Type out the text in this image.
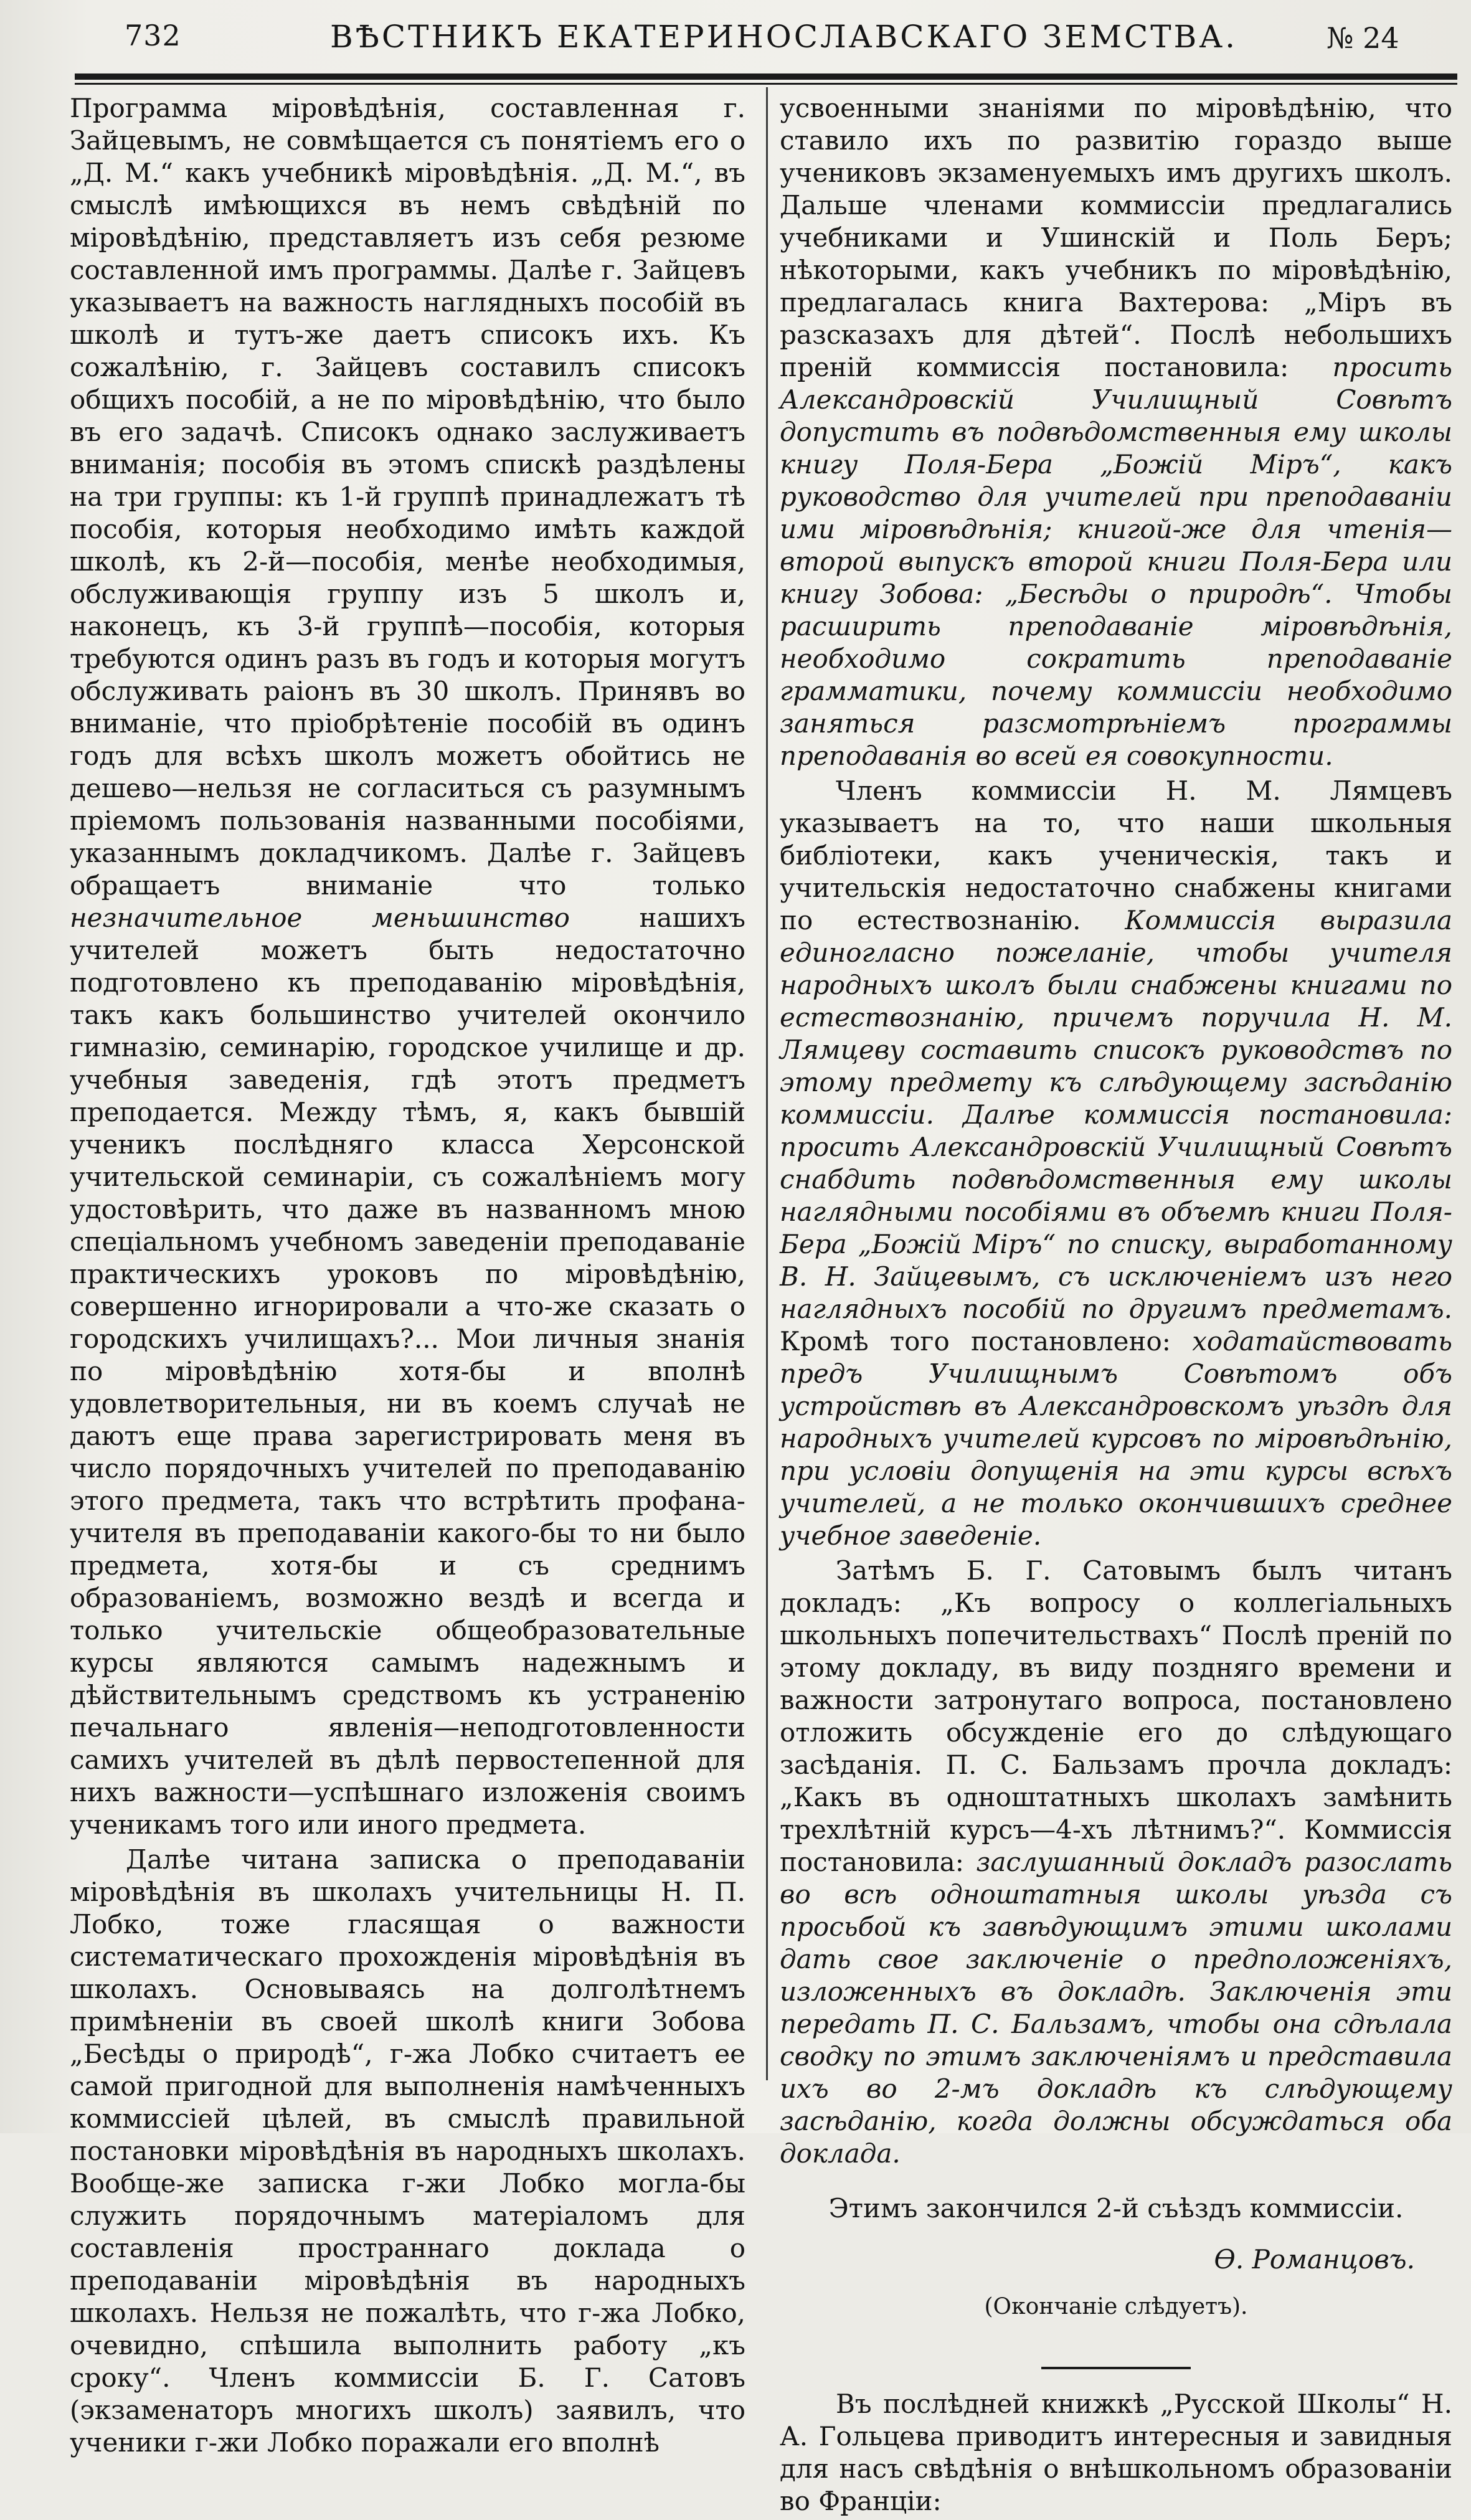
732	ВѢСТНИКЪ ЕКАТЕРИНОСЛАВСКАГО ЗЕМСТВА.	№ 24

Программа міровѣдѣнія, составленная г. Зайцевымъ, не совмѣщается съ понятіемъ его о „Д. М.“ какъ учебникѣ міровѣдѣнія. „Д. М.“, въ смыслѣ имѣющихся въ немъ свѣдѣній по міровѣдѣнію, представляетъ изъ себя резюме составленной имъ программы. Далѣе г. Зайцевъ указываетъ на важность наглядныхъ пособій въ школѣ и тутъ-же даетъ списокъ ихъ. Къ сожалѣнію, г. Зайцевъ составилъ списокъ общихъ пособій, а не по міровѣдѣнію, что было въ его задачѣ. Списокъ однако заслуживаетъ вниманія; пособія въ этомъ спискѣ раздѣлены на три группы: къ 1-й группѣ принадлежатъ тѣ пособія, которыя необходимо имѣть каждой школѣ, къ 2-й—пособія, менѣе необходимыя, обслуживающія группу изъ 5 школъ и, наконецъ, къ 3-й группѣ—пособія, которыя требуются одинъ разъ въ годъ и которыя могутъ обслуживать раіонъ въ 30 школъ. Принявъ во вниманіе, что пріобрѣтеніе пособій въ одинъ годъ для всѣхъ школъ можетъ обойтись не дешево—нельзя не согласиться съ разумнымъ пріемомъ пользованія названными пособіями, указаннымъ докладчикомъ. Далѣе г. Зайцевъ обращаетъ вниманіе что только незначительное меньшинство	нашихъ учителей можетъ быть недостаточно подготовлено къ преподаванію міровѣдѣнія, такъ какъ большинство учителей окончило гимназію, семинарію, городское училище и др. учебныя заведенія, гдѣ этотъ предметъ преподается. Между тѣмъ, я, какъ бывшій ученикъ послѣдняго класса Херсонской учительской семинаріи, съ сожалѣніемъ могу удостовѣрить, что даже въ названномъ мною спеціальномъ учебномъ заведеніи преподаваніе практическихъ уроковъ по міровѣдѣнію, совершенно игнорировали а что-же сказать о городскихъ училищахъ?... Мои личныя знанія по міровѣдѣнію хотя-бы и вполнѣ удовлетворительныя, ни въ коемъ случаѣ не даютъ еще права зарегистрировать меня въ число порядочныхъ учителей по преподаванію этого предмета, такъ что встрѣтить профана-учителя въ преподаваніи какого-бы то ни было предмета, хотя-бы и съ среднимъ образованіемъ, возможно вездѣ и всегда и только учительскіе общеобразовательные курсы являются самымъ надежнымъ и дѣйствительнымъ средствомъ къ устраненію печальнаго явленія—неподготовленности самихъ учителей въ дѣлѣ первостепенной для нихъ важности—успѣшнаго изложенія своимъ ученикамъ того или иного предмета.

Далѣе читана записка о преподаваніи міровѣдѣнія въ школахъ учительницы Н. П. Лобко, тоже гласящая о важности систематическаго прохожденія міровѣдѣнія въ школахъ. Основываясь на долголѣтнемъ примѣненіи въ своей школѣ книги Зобова „Бесѣды о природѣ“, г-жа Лобко считаетъ ее самой пригодной для выполненія намѣченныхъ коммиссіей цѣлей, въ смыслѣ правильной постановки міровѣдѣнія въ народныхъ школахъ. Вообще-же записка г-жи Лобко могла-бы служить порядочнымъ матеріаломъ для составленія пространнаго доклада о преподаваніи міровѣдѣнія въ народныхъ школахъ. Нельзя не пожалѣть, что г-жа Лобко, очевидно, спѣшила выполнить работу „къ сроку“. Членъ коммиссіи Б. Г. Сатовъ (экзаменаторъ многихъ школъ) заявилъ, что ученики г-жи Лобко поражали его вполнѣ

усвоенными знаніями по міровѣдѣнію, что ставило ихъ по развитію гораздо выше учениковъ экзаменуемыхъ имъ другихъ школъ. Дальше членами коммиссіи предлагались учебниками и Ушинскій и Поль Беръ; нѣкоторыми, какъ учебникъ по міровѣдѣнію, предлагалась книга Вахтерова: „Міръ въ разсказахъ для дѣтей“. Послѣ небольшихъ преній коммиссія постановила: просить Александровскій Училищный Совѣтъ допустить въ подвѣдомственныя ему школы книгу Поля-Бера „Божій Міръ“, какъ руководство для учителей при преподаваніи ими міровѣдѣнія; книгой-же для чтенія—второй выпускъ второй книги Поля-Бера или книгу Зобова: „Бесѣды о природѣ“. Чтобы расширить преподаваніе міровѣдѣнія, необходимо сократить преподаваніе грамматики, почему коммиссіи необходимо заняться разсмотрѣніемъ программы преподаванія во всей ея совокупности.

Членъ коммиссіи Н. М. Лямцевъ указываетъ на то, что наши школьныя библіотеки, какъ ученическія, такъ и учительскія недостаточно снабжены книгами по естествознанію. Коммиссія выразила единогласно пожеланіе, чтобы учителя народныхъ школъ были снабжены книгами по естествознанію, причемъ поручила Н. М. Лямцеву составить списокъ руководствъ по этому предмету къ слѣдующему засѣданію коммиссіи. Далѣе коммиссія постановила: просить Александровскій Училищный Совѣтъ снабдить подвѣдомственныя ему школы наглядными пособіями въ объемѣ книги Поля-Бера „Божій Міръ“ по списку, выработанному В. Н. Зайцевымъ, съ исключеніемъ изъ него наглядныхъ пособій по другимъ предметамъ. Кромѣ того постановлено: ходатайствовать предъ Училищнымъ Совѣтомъ объ устройствѣ въ Александровскомъ уѣздѣ для народныхъ учителей курсовъ по міровѣдѣнію, при условіи допущенія на эти курсы всѣхъ учителей, а не только окончившихъ среднее учебное заведеніе.

Затѣмъ Б. Г. Сатовымъ былъ читанъ докладъ: „Къ вопросу о коллегіальныхъ школьныхъ попечительствахъ“ Послѣ преній по этому докладу, въ виду поздняго времени и важности затронутаго вопроса, постановлено отложить обсужденіе его до слѣдующаго засѣданія. П. С. Бальзамъ прочла докладъ: „Какъ въ одноштатныхъ школахъ замѣнить трехлѣтній курсъ—4-хъ лѣтнимъ?“. Коммиссія постановила: заслушанный докладъ разослать во всѣ одноштатныя школы уѣзда съ просьбой къ завѣдующимъ этими школами дать свое заключеніе о предположеніяхъ, изложенныхъ въ докладѣ. Заключенія эти передать П. С. Бальзамъ, чтобы она сдѣлала сводку по этимъ заключеніямъ и представила ихъ во 2-мъ докладѣ къ слѣдующему засѣданію, когда должны обсуждаться оба доклада.

Этимъ закончился 2-й съѣздъ коммиссіи.

Ѳ. Романцовъ.

(Окончаніе слѣдуетъ).

Въ послѣдней книжкѣ „Русской Школы“ Н. А. Гольцева приводитъ интересныя и завидныя для насъ свѣдѣнія о внѣшкольномъ образованіи во Франціи:
